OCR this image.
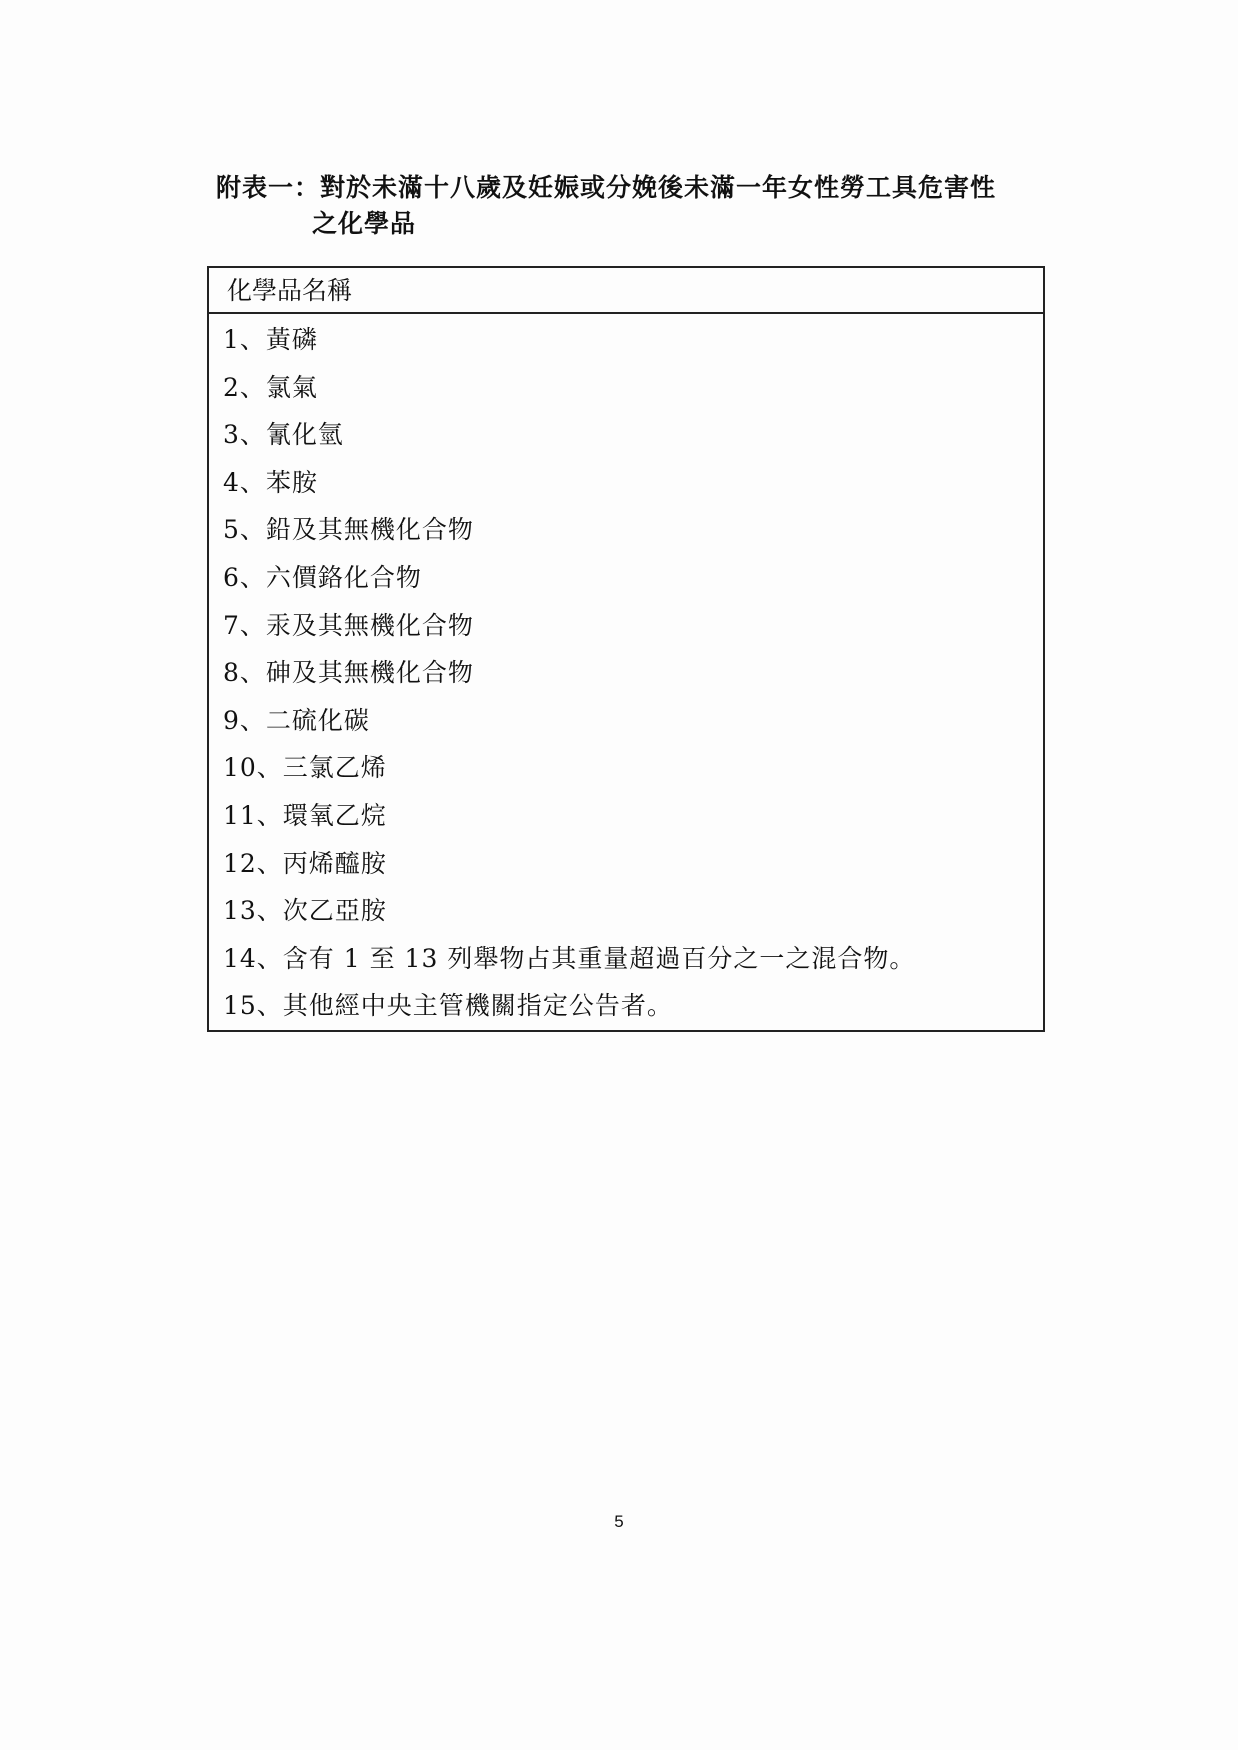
附表一：對於未滿十八歲及妊娠或分娩後未滿一年女性勞工具危害性
之化學品
化學品名稱
1、黃磷
2、氯氣
3、氰化氫
4、苯胺
5、鉛及其無機化合物
6、六價鉻化合物
7、汞及其無機化合物
8、砷及其無機化合物
9、二硫化碳
10、三氯乙烯
11、環氧乙烷
12、丙烯醯胺
13、次乙亞胺
14、含有 1 至 13 列舉物占其重量超過百分之一之混合物。
15、其他經中央主管機關指定公告者。
5
